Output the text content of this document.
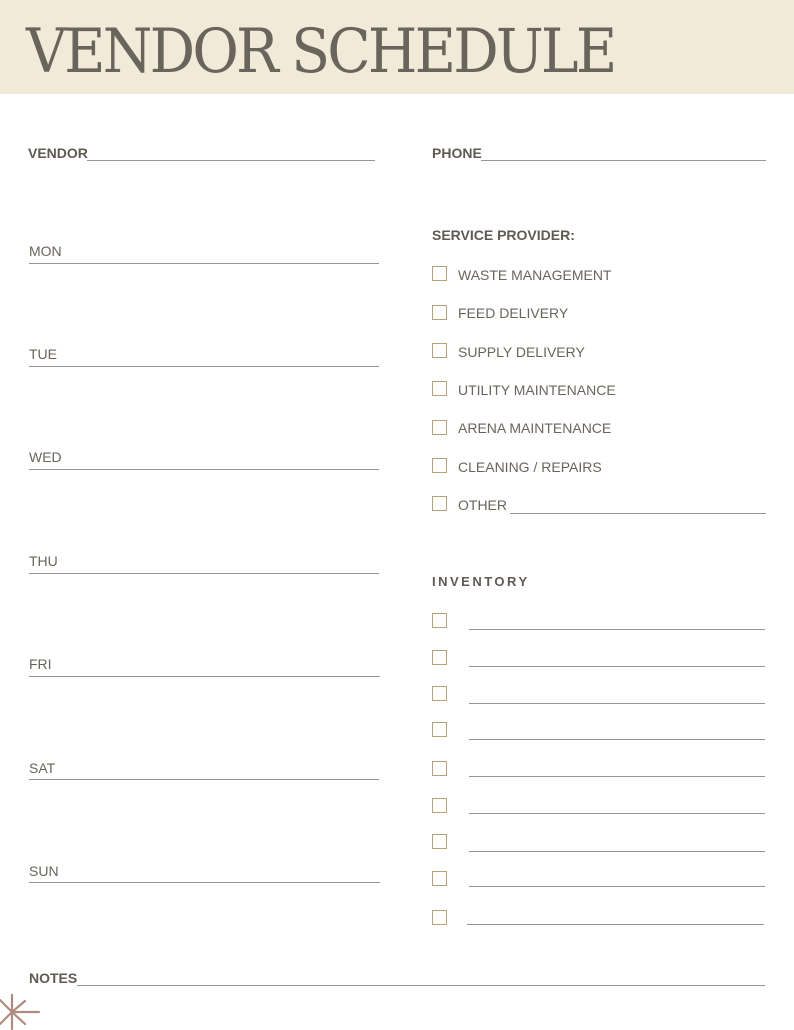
VENDOR SCHEDULE
VENDOR	PHONE
MON
TUE
WED
THU
FRI
SAT
SUN
SERVICE PROVIDER:
WASTE MANAGEMENT
FEED DELIVERY
SUPPLY DELIVERY
UTILITY MAINTENANCE
ARENA MAINTENANCE
CLEANING / REPAIRS
OTHER
INVENTORY
NOTES
